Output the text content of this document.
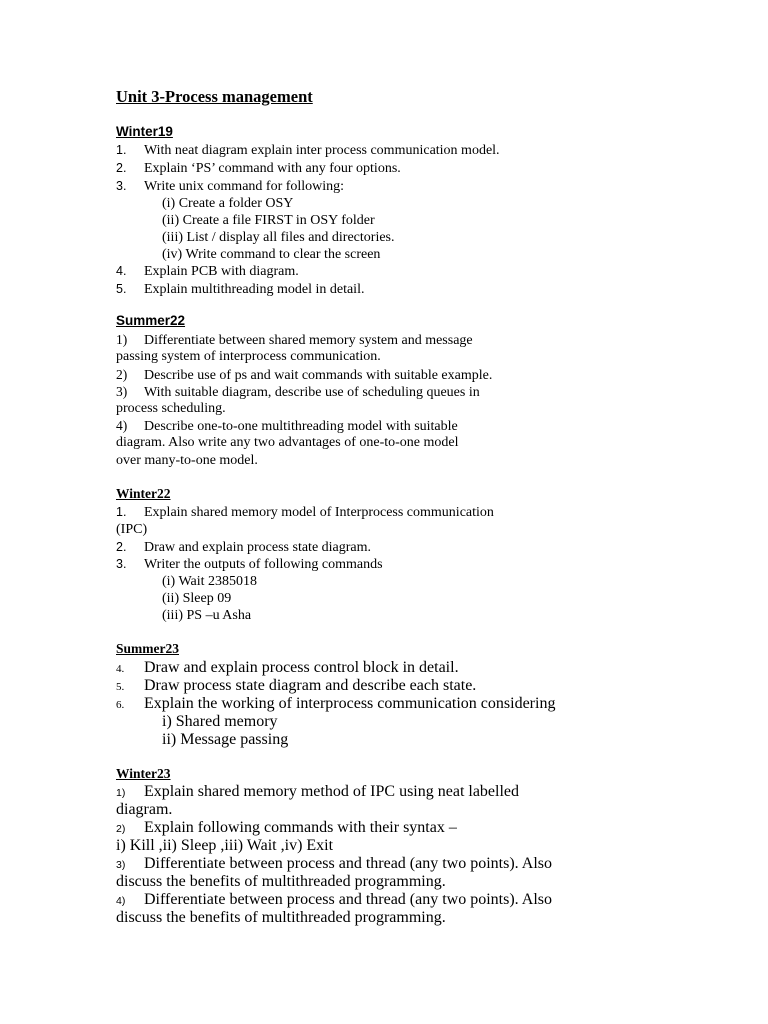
Unit 3-Process management
Winter19
1. With neat diagram explain inter process communication model.
2. Explain ‘PS’ command with any four options.
3. Write unix command for following:
(i) Create a folder OSY
(ii) Create a file FIRST in OSY folder
(iii) List / display all files and directories.
(iv) Write command to clear the screen
4. Explain PCB with diagram.
5. Explain multithreading model in detail.
Summer22
1) Differentiate between shared memory system and message
passing system of interprocess communication.
2) Describe use of ps and wait commands with suitable example.
3) With suitable diagram, describe use of scheduling queues in
process scheduling.
4) Describe one-to-one multithreading model with suitable
diagram. Also write any two advantages of one-to-one model
over many-to-one model.
Winter22
1. Explain shared memory model of Interprocess communication
(IPC)
2. Draw and explain process state diagram.
3. Writer the outputs of following commands
(i) Wait 2385018
(ii) Sleep 09
(iii) PS –u Asha
Summer23
4. Draw and explain process control block in detail.
5. Draw process state diagram and describe each state.
6. Explain the working of interprocess communication considering
i) Shared memory
ii) Message passing
Winter23
1) Explain shared memory method of IPC using neat labelled
diagram.
2) Explain following commands with their syntax –
i) Kill ,ii) Sleep ,iii) Wait ,iv) Exit
3) Differentiate between process and thread (any two points). Also
discuss the benefits of multithreaded programming.
4) Differentiate between process and thread (any two points). Also
discuss the benefits of multithreaded programming.
